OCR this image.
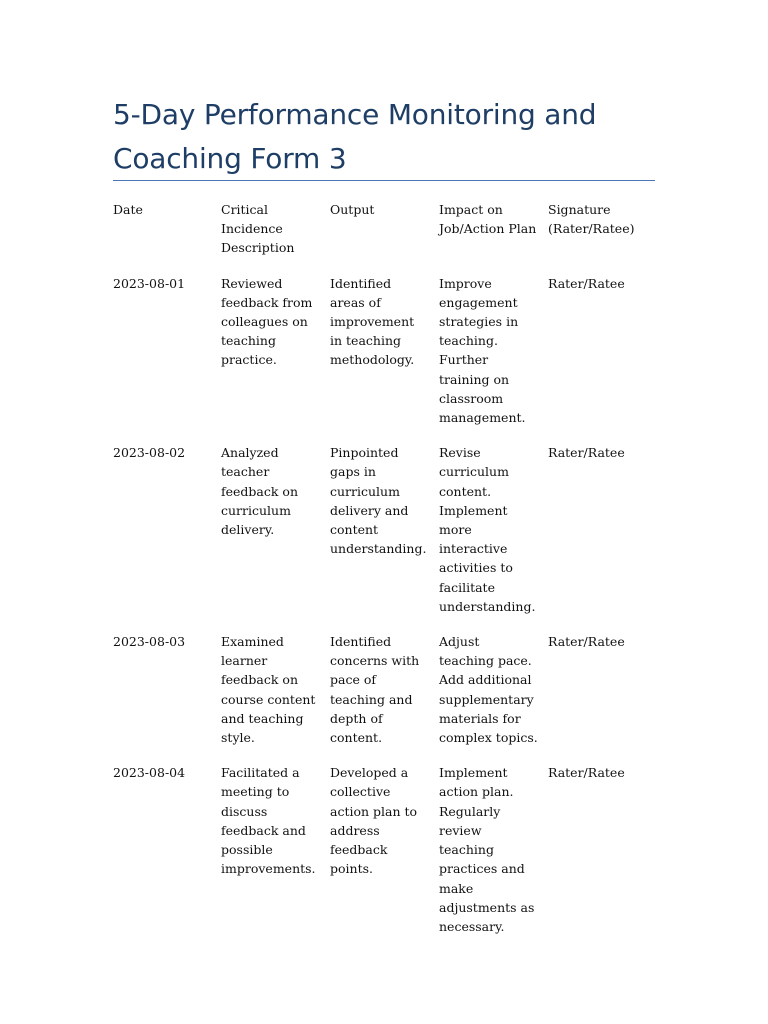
5-Day Performance Monitoring and Coaching Form 3
Date	Critical Incidence Description	Output	Impact on Job/Action Plan	Signature (Rater/Ratee)
2023-08-01	Reviewed feedback from colleagues on teaching practice.	Identified areas of improvement in teaching methodology.	Improve engagement strategies in teaching. Further training on classroom management.	Rater/Ratee
2023-08-02	Analyzed teacher feedback on curriculum delivery.	Pinpointed gaps in curriculum delivery and content understanding.	Revise curriculum content. Implement more interactive activities to facilitate understanding.	Rater/Ratee
2023-08-03	Examined learner feedback on course content and teaching style.	Identified concerns with pace of teaching and depth of content.	Adjust teaching pace. Add additional supplementary materials for complex topics.	Rater/Ratee
2023-08-04	Facilitated a meeting to discuss feedback and possible improvements.	Developed a collective action plan to address feedback points.	Implement action plan. Regularly review teaching practices and make adjustments as necessary.	Rater/Ratee
